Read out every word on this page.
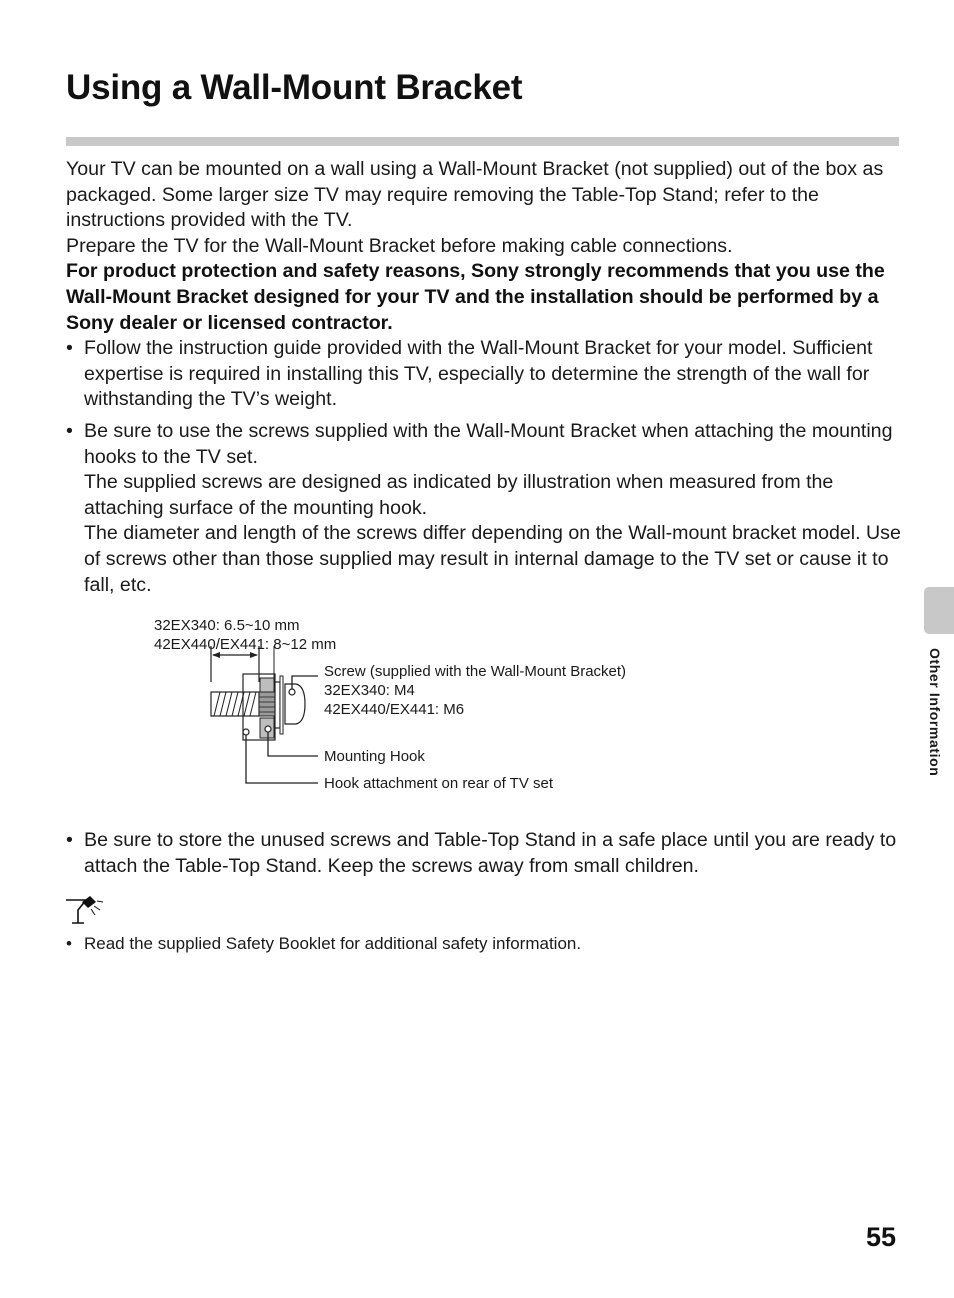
Using a Wall-Mount Bracket

Your TV can be mounted on a wall using a Wall-Mount Bracket (not supplied) out of the box as packaged. Some larger size TV may require removing the Table-Top Stand; refer to the instructions provided with the TV.

Prepare the TV for the Wall-Mount Bracket before making cable connections.

For product protection and safety reasons, Sony strongly recommends that you use the Wall-Mount Bracket designed for your TV and the installation should be performed by a Sony dealer or licensed contractor.

• Follow the instruction guide provided with the Wall-Mount Bracket for your model. Sufficient expertise is required in installing this TV, especially to determine the strength of the wall for withstanding the TV’s weight.
• Be sure to use the screws supplied with the Wall-Mount Bracket when attaching the mounting hooks to the TV set.
The supplied screws are designed as indicated by illustration when measured from the attaching surface of the mounting hook.
The diameter and length of the screws differ depending on the Wall-mount bracket model. Use of screws other than those supplied may result in internal damage to the TV set or cause it to fall, etc.
32EX340: 6.5~10 mm
42EX440/EX441: 8~12 mm
Screw (supplied with the Wall-Mount Bracket)
32EX340: M4
42EX440/EX441: M6
Mounting Hook
Hook attachment on rear of TV set
• Be sure to store the unused screws and Table-Top Stand in a safe place until you are ready to attach the Table-Top Stand. Keep the screws away from small children.
• Read the supplied Safety Booklet for additional safety information.
Other Information
55
